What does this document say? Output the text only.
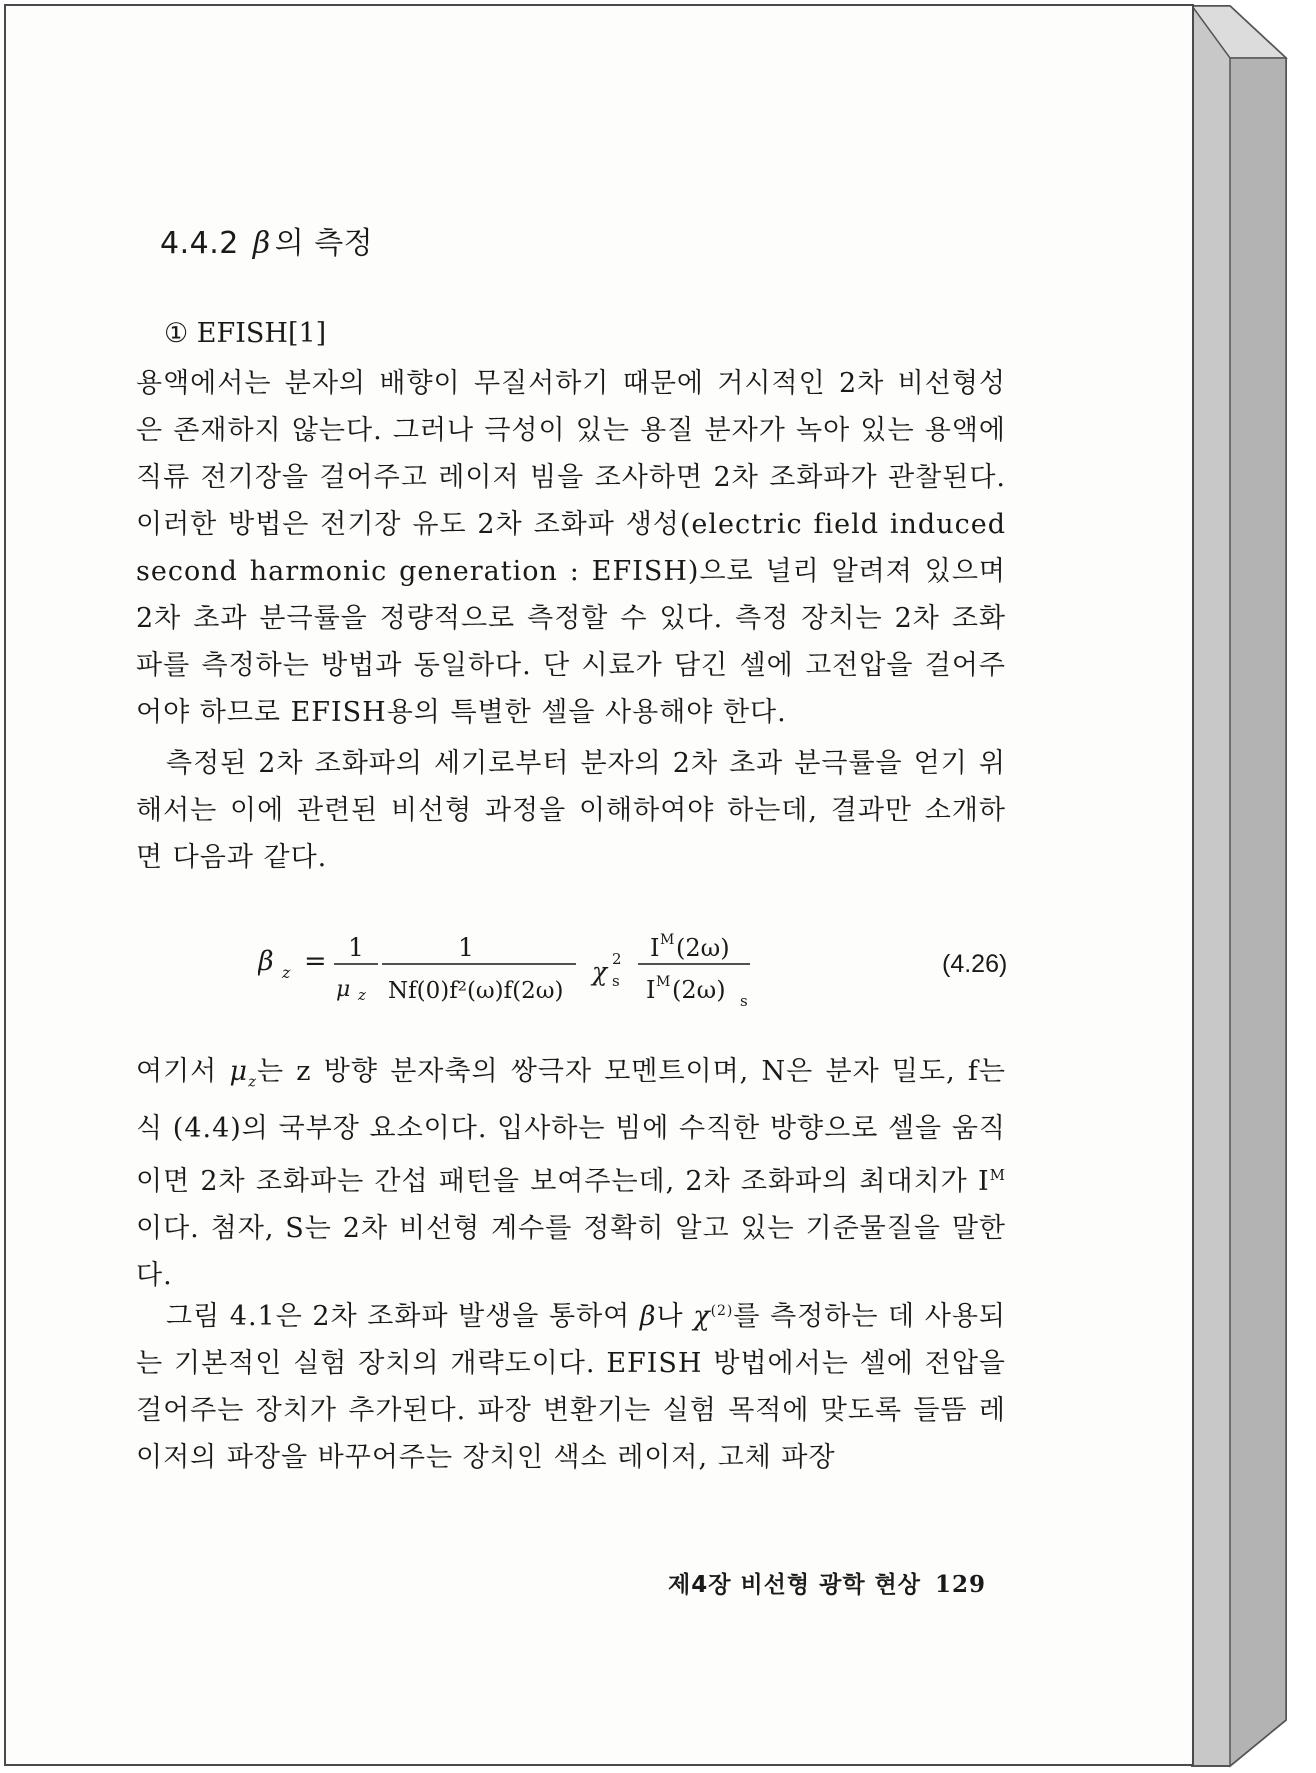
4.4.2 β 의 측정
① EFISH[1]
용액에서는 분자의 배향이 무질서하기 때문에 거시적인 2차 비선형성은 존재하지 않는다. 그러나 극성이 있는 용질 분자가 녹아 있는 용액에 직류 전기장을 걸어주고 레이저 빔을 조사하면 2차 조화파가 관찰된다. 이러한 방법은 전기장 유도 2차 조화파 생성(electric field induced second harmonic generation : EFISH)으로 널리 알려져 있으며 2차 초과 분극률을 정량적으로 측정할 수 있다. 측정 장치는 2차 조화파를 측정하는 방법과 동일하다. 단 시료가 담긴 셀에 고전압을 걸어주어야 하므로 EFISH용의 특별한 셀을 사용해야 한다.
측정된 2차 조화파의 세기로부터 분자의 2차 초과 분극률을 얻기 위해서는 이에 관련된 비선형 과정을 이해하여야 하는데, 결과만 소개하면 다음과 같다.
β z = 1
μ z
1
Nf(0)f²(ω)f(2ω)
χ 2
s
I M (2ω)
I M (2ω) s
(4.26)
여기서 $\mu_z$는 z 방향 분자축의 쌍극자 모멘트이며, N은 분자 밀도, f는 식 (4.4)의 국부장 요소이다. 입사하는 빔에 수직한 방향으로 셀을 움직이면 2차 조화파는 간섭 패턴을 보여주는데, 2차 조화파의 최대치가 $I^M$이다. 첨자, S는 2차 비선형 계수를 정확히 알고 있는 기준물질을 말한다.
그림 4.1은 2차 조화파 발생을 통하여 β나 $\chi^{(2)}$를 측정하는 데 사용되는 기본적인 실험 장치의 개략도이다. EFISH 방법에서는 셀에 전압을 걸어주는 장치가 추가된다. 파장 변환기는 실험 목적에 맞도록 들뜸 레이저의 파장을 바꾸어주는 장치인 색소 레이저, 고체 파장
제4장 비선형 광학 현상 129
